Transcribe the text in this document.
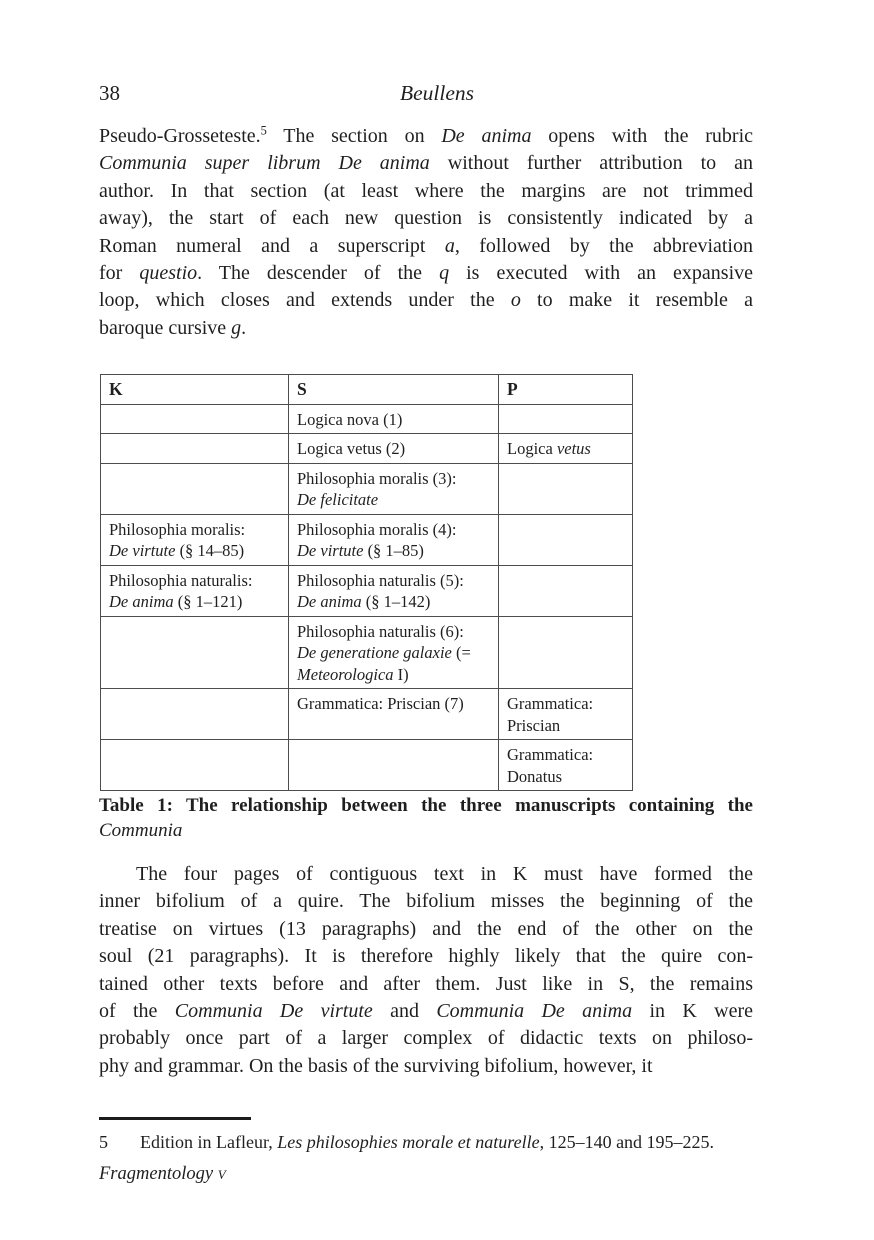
38	Beullens
Pseudo-Grosseteste.$^5$ The section on De anima opens with the rubric
Communia super librum De anima without further attribution to an
author. In that section (at least where the margins are not trimmed
away), the start of each new question is consistently indicated by a
Roman numeral and a superscript a, followed by the abbreviation
for questio. The descender of the q is executed with an expansive
loop, which closes and extends under the o to make it resemble a
baroque cursive g.
K	S	P
	Logica nova (1)	
	Logica vetus (2)	Logica vetus
	Philosophia moralis (3):
De felicitate	
Philosophia moralis:
De virtute (§ 14–85)	Philosophia moralis (4):
De virtute (§ 1–85)	
Philosophia naturalis:
De anima (§ 1–121)	Philosophia naturalis (5):
De anima (§ 1–142)	
	Philosophia naturalis (6):
De generatione galaxie (=
Meteorologica I)	
	Grammatica: Priscian (7)	Grammatica:
Priscian
		Grammatica:
Donatus
Table 1: The relationship between the three manuscripts containing the
Communia
The four pages of contiguous text in K must have formed the
inner bifolium of a quire. The bifolium misses the beginning of the
treatise on virtues (13 paragraphs) and the end of the other on the
soul (21 paragraphs). It is therefore highly likely that the quire con-
tained other texts before and after them. Just like in S, the remains
of the Communia De virtute and Communia De anima in K were
probably once part of a larger complex of didactic texts on philoso-
phy and grammar. On the basis of the surviving bifolium, however, it
5 Edition in Lafleur, Les philosophies morale et naturelle, 125–140 and 195–225.
Fragmentology v
